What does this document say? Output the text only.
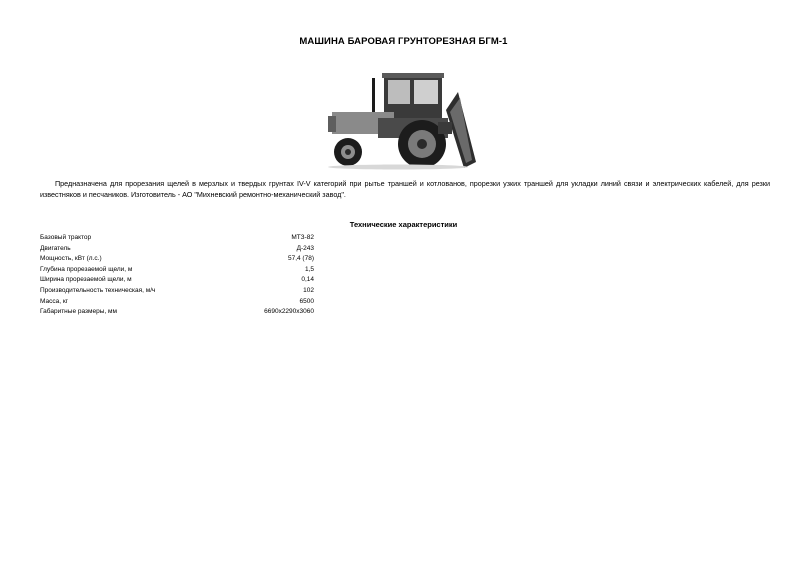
МАШИНА БАРОВАЯ ГРУНТОРЕЗНАЯ БГМ-1
Предназначена для прорезания щелей в мерзлых и твердых грунтах IV-V категорий при рытье траншей и котлованов, прорезки узких траншей для укладки линий связи и электрических кабелей, для резки известняков и песчаников. Изготовитель - АО "Михневский ремонтно-механический завод".
Технические характеристики
Базовый трактор	МТЗ-82
Двигатель	Д-243
Мощность, кВт (л.с.)	57,4 (78)
Глубина прорезаемой щели, м	1,5
Ширина прорезаемой щели, м	0,14
Производительность техническая, м/ч	102
Масса, кг	6500
Габаритные размеры, мм	6690х2290х3060
